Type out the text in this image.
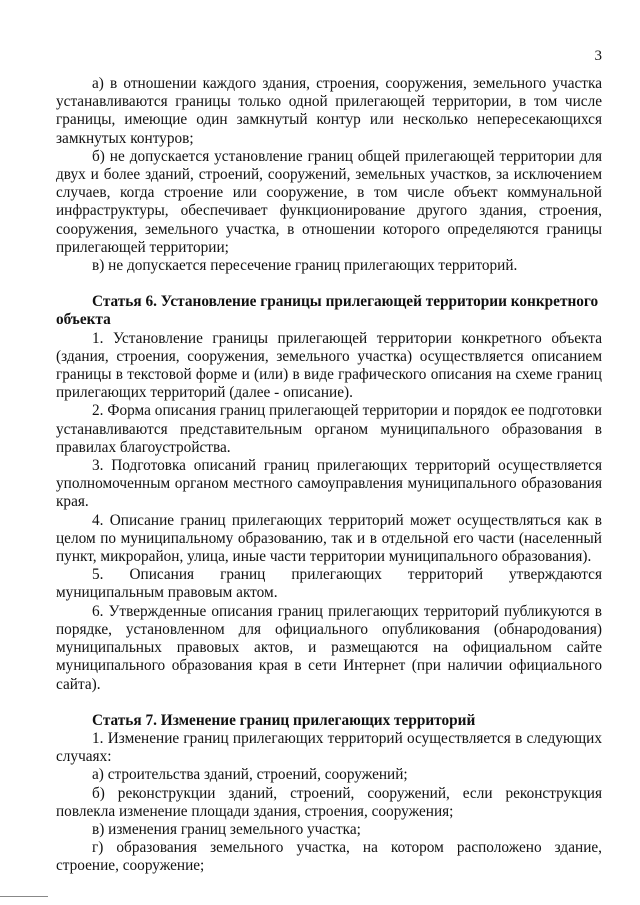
3

а) в отношении каждого здания, строения, сооружения, земельного участка устанавливаются границы только одной прилегающей территории, в том числе границы, имеющие один замкнутый контур или несколько непересекающихся замкнутых контуров;

б) не допускается установление границ общей прилегающей территории для двух и более зданий, строений, сооружений, земельных участков, за исключением случаев, когда строение или сооружение, в том числе объект коммунальной инфраструктуры, обеспечивает функционирование другого здания, строения, сооружения, земельного участка, в отношении которого определяются границы прилегающей территории;

в) не допускается пересечение границ прилегающих территорий.

Статья 6. Установление границы прилегающей территории конкретного объекта

1. Установление границы прилегающей территории конкретного объекта (здания, строения, сооружения, земельного участка) осуществляется описанием границы в текстовой форме и (или) в виде графического описания на схеме границ прилегающих территорий (далее - описание).

2. Форма описания границ прилегающей территории и порядок ее подготовки устанавливаются представительным органом муниципального образования в правилах благоустройства.

3. Подготовка описаний границ прилегающих территорий осуществляется уполномоченным органом местного самоуправления муниципального образования края.

4. Описание границ прилегающих территорий может осуществляться как в целом по муниципальному образованию, так и в отдельной его части (населенный пункт, микрорайон, улица, иные части территории муниципального образования).

5. Описания границ прилегающих территорий утверждаются муниципальным правовым актом.

6. Утвержденные описания границ прилегающих территорий публикуются в порядке, установленном для официального опубликования (обнародования) муниципальных правовых актов, и размещаются на официальном сайте муниципального образования края в сети Интернет (при наличии официального сайта).

Статья 7. Изменение границ прилегающих территорий

1. Изменение границ прилегающих территорий осуществляется в следующих случаях:

а) строительства зданий, строений, сооружений;

б) реконструкции зданий, строений, сооружений, если реконструкция повлекла изменение площади здания, строения, сооружения;

в) изменения границ земельного участка;

г) образования земельного участка, на котором расположено здание, строение, сооружение;
